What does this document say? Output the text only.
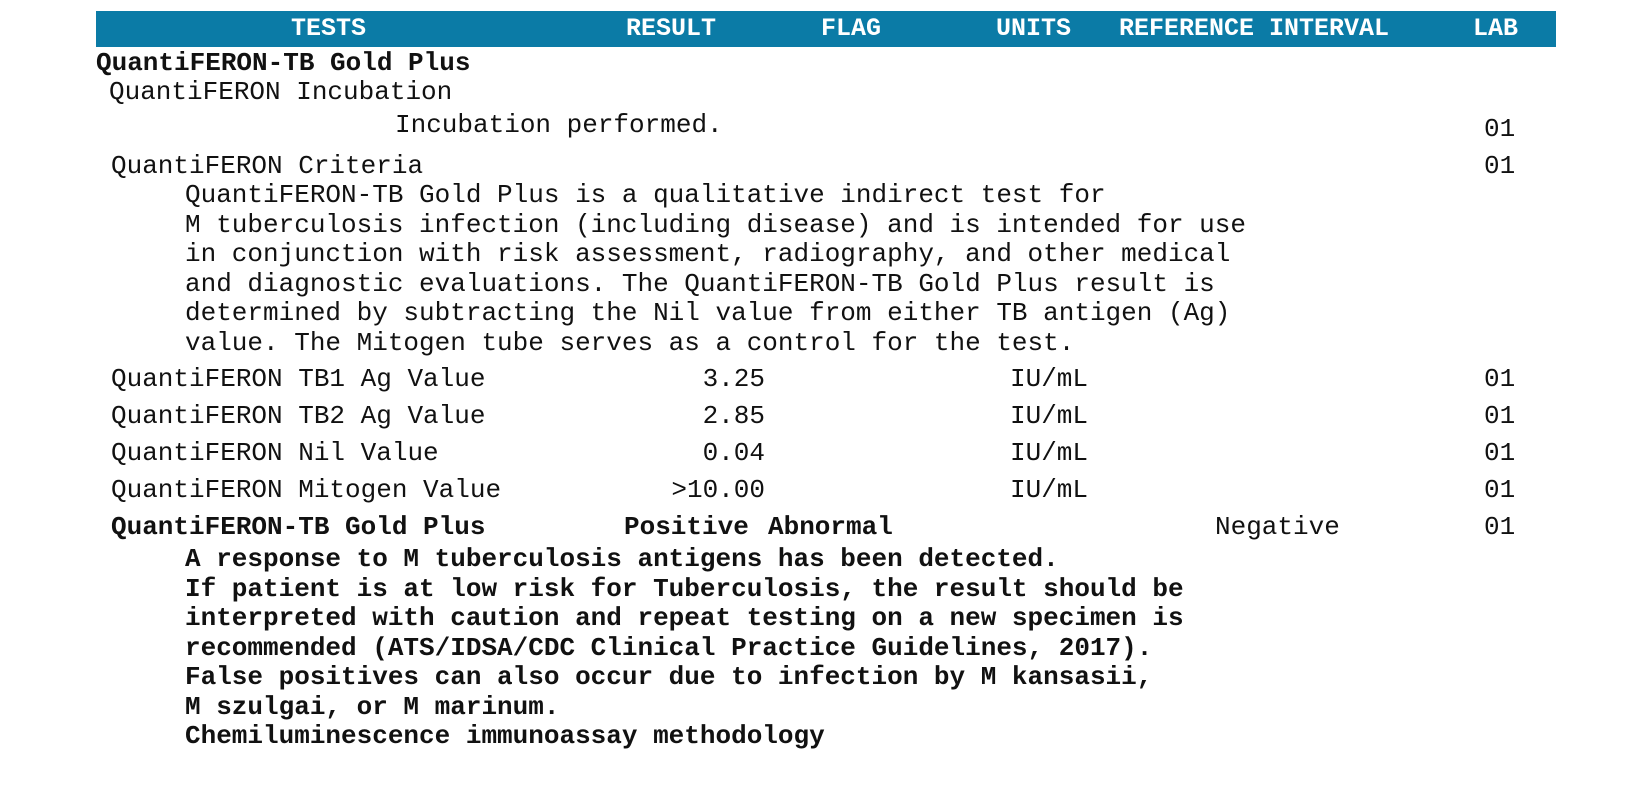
TESTS	RESULT	FLAG	UNITS REFERENCE INTERVAL	LAB
QuantiFERON-TB Gold Plus
QuantiFERON Incubation
Incubation performed.	01
QuantiFERON Criteria	01
QuantiFERON-TB Gold Plus is a qualitative indirect test for
M tuberculosis infection (including disease) and is intended for use
in conjunction with risk assessment, radiography, and other medical
and diagnostic evaluations. The QuantiFERON-TB Gold Plus result is
determined by subtracting the Nil value from either TB antigen (Ag)
value. The Mitogen tube serves as a control for the test.
QuantiFERON TB1 Ag Value	3.25	IU/mL	01
QuantiFERON TB2 Ag Value	2.85	IU/mL	01
QuantiFERON Nil Value	0.04	IU/mL	01
QuantiFERON Mitogen Value	>10.00	IU/mL	01
QuantiFERON-TB Gold Plus	Positive Abnormal	Negative	01
A response to M tuberculosis antigens has been detected.
If patient is at low risk for Tuberculosis, the result should be
interpreted with caution and repeat testing on a new specimen is
recommended (ATS/IDSA/CDC Clinical Practice Guidelines, 2017).
False positives can also occur due to infection by M kansasii,
M szulgai, or M marinum.
Chemiluminescence immunoassay methodology
